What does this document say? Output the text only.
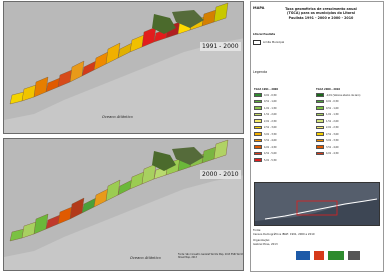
1991 - 2000
Oceano Atlântico
2000 - 2010
Oceano Atlântico
MAPA	Taxa geométrica de crescimento anual (TGCA) para os municípios do Litoral Paulista 1991 - 2000 e 2000 - 2010
Litoral Paulista
Limite Municipal
Legenda
TGCA 1991 - 2000	TGCA 2000 - 2010
0,01 - 0,50
0,51 - 1,00
1,01 - 1,50
1,51 - 2,00
2,01 - 2,50
2,51 - 3,00
3,01 - 3,50
3,51 - 4,00
4,01 - 4,50
4,51 - 5,00
5,01 - 5,50
-0,01 (Valores abaixo de zero)
0,01 - 0,50
0,51 - 1,00
1,01 - 1,50
1,51 - 2,00
2,01 - 2,50
2,51 - 3,00
3,01 - 3,50
3,51 - 4,00
4,01 - 4,50
Fonte:
Censos Demográficos IBGE: 1991, 2000 e 2010
Organização:
Gabriel Pires, 2013
Fonte: São Conselho GeoGlat Worlds Map, 2013 ESRI World Street Map, 2013
